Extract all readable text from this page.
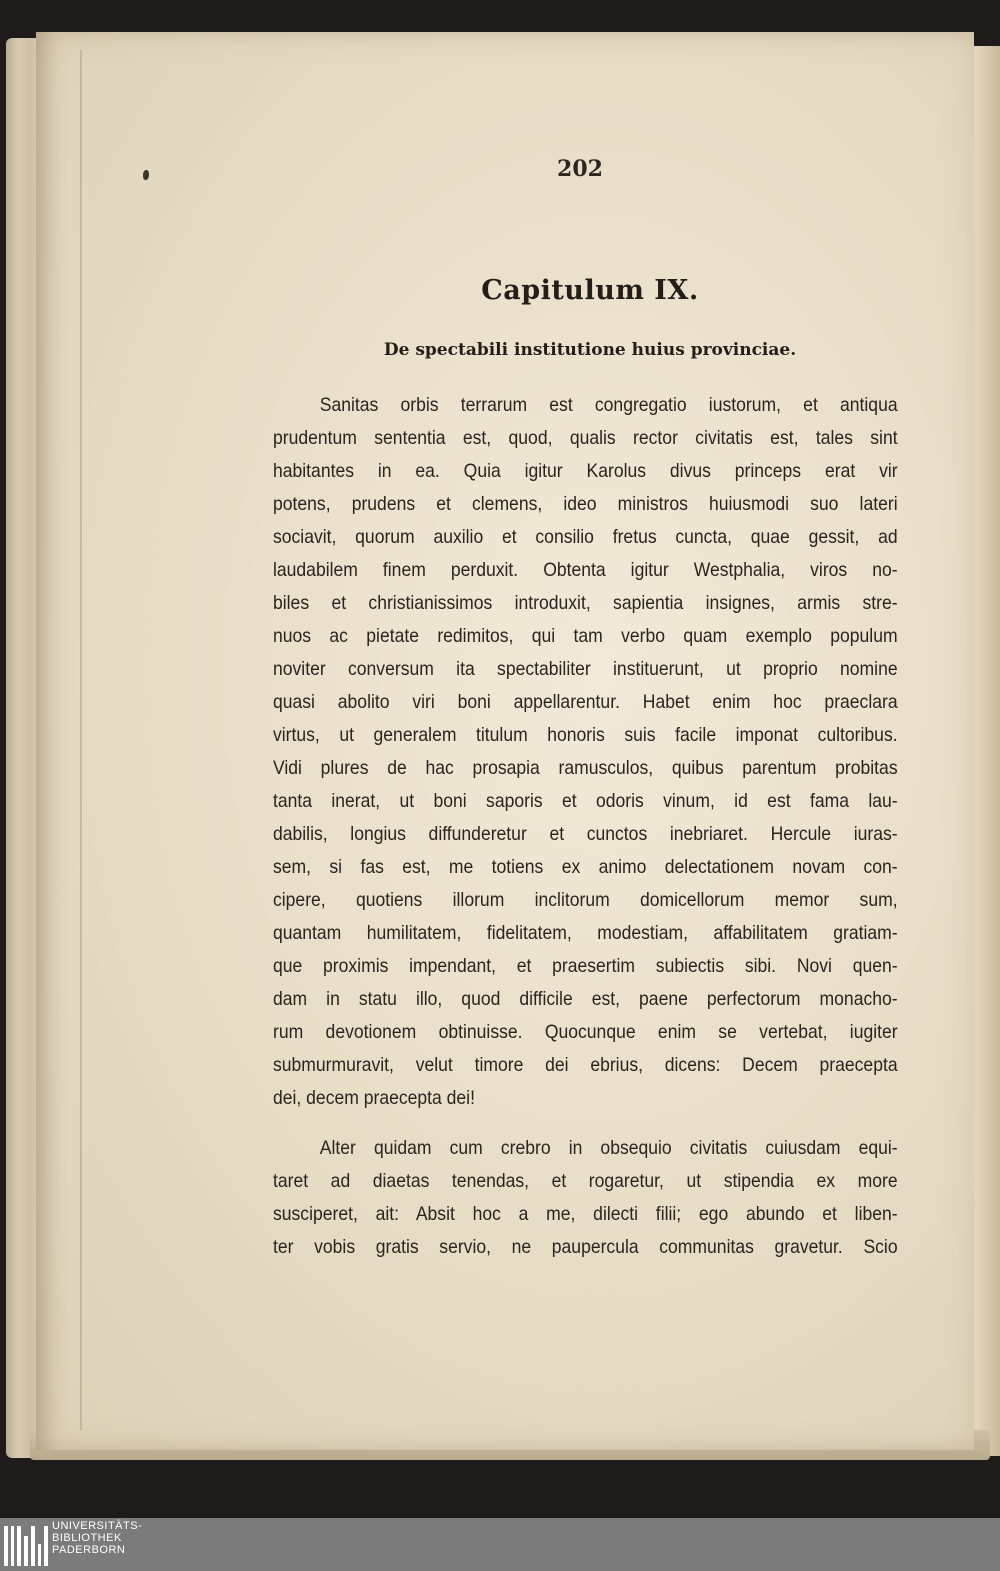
202
Capitulum IX.
De spectabili institutione huius provinciae.
Sanitas orbis terrarum est congregatio iustorum, et antiqua
prudentum sententia est, quod, qualis rector civitatis est, tales sint
habitantes in ea. Quia igitur Karolus divus princeps erat vir
potens, prudens et clemens, ideo ministros huiusmodi suo lateri
sociavit, quorum auxilio et consilio fretus cuncta, quae gessit, ad
laudabilem finem perduxit. Obtenta igitur Westphalia, viros no-
biles et christianissimos introduxit, sapientia insignes, armis stre-
nuos ac pietate redimitos, qui tam verbo quam exemplo populum
noviter conversum ita spectabiliter instituerunt, ut proprio nomine
quasi abolito viri boni appellarentur. Habet enim hoc praeclara
virtus, ut generalem titulum honoris suis facile imponat cultoribus.
Vidi plures de hac prosapia ramusculos, quibus parentum probitas
tanta inerat, ut boni saporis et odoris vinum, id est fama lau-
dabilis, longius diffunderetur et cunctos inebriaret. Hercule iuras-
sem, si fas est, me totiens ex animo delectationem novam con-
cipere, quotiens illorum inclitorum domicellorum memor sum,
quantam humilitatem, fidelitatem, modestiam, affabilitatem gratiam-
que proximis impendant, et praesertim subiectis sibi. Novi quen-
dam in statu illo, quod difficile est, paene perfectorum monacho-
rum devotionem obtinuisse. Quocunque enim se vertebat, iugiter
submurmuravit, velut timore dei ebrius, dicens: Decem praecepta
dei, decem praecepta dei!
Alter quidam cum crebro in obsequio civitatis cuiusdam equi-
taret ad diaetas tenendas, et rogaretur, ut stipendia ex more
susciperet, ait: Absit hoc a me, dilecti filii; ego abundo et liben-
ter vobis gratis servio, ne paupercula communitas gravetur. Scio
UNIVERSITÄTS-
BIBLIOTHEK
PADERBORN
